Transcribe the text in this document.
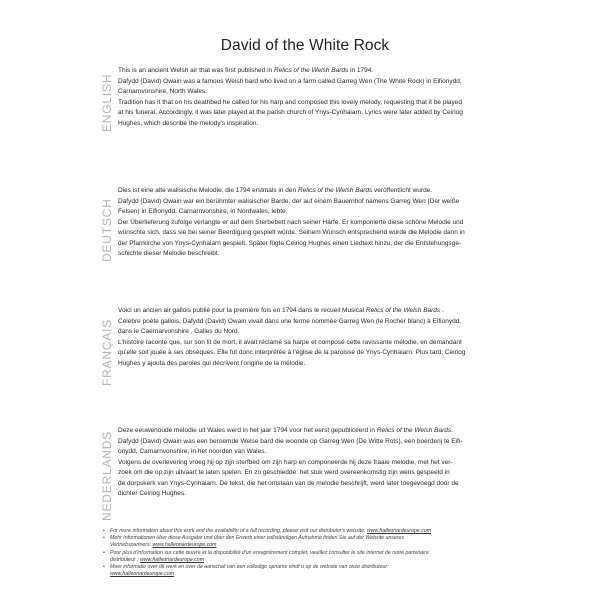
David of the White Rock
ENGLISH

This is an ancient Welsh air that was first published in Relics of the Welsh Bards in 1794.

Dafydd (David) Owain was a famous Welsh bard who lived on a farm called Garreg Wen (The White Rock) in Eifionydd,

Carnarnvonshire, North Wales.

Tradition has it that on his deathbed he called for his harp and composed this lovely melody, requesting that it be played

at his funeral. Accordingly, it was later played at the parish church of Ynys-Cynhaiarn. Lyrics were later added by Ceiriog

Hughes, which describe the melody's inspiration.

DEUTSCH

Dies ist eine alte walisische Melodie, die 1794 erstmals in den Relics of the Welsh Bards veröffentlicht wurde.

Dafydd (David) Owain war ein berühmter walisischer Barde, der auf einem Bauernhof namens Garreg Wen (Der weiße

Felsen) in Eifionydd, Carnarnvonshire, in Nordwales, lebte.

Der Überlieferung zufolge verlangte er auf dem Sterbebett nach seiner Harfe. Er komponierte diese schöne Melodie und

wünschte sich, dass sie bei seiner Beerdigung gespielt würde. Seinem Wunsch entsprechend wurde die Melodie dann in

der Pfarrkirche von Ynys-Cynhaiarn gespielt. Später fügte Ceiriog Hughes einen Liedtext hinzu, der die Entstehungsge-

schichte dieser Melodie beschreibt.

FRANÇAIS

Voici un ancien air gallois publié pour la première fois en 1794 dans le recueil Musical Relics of the Welsh Bards .

Célèbre poète gallois, Dafydd (David) Owain vivait dans une ferme nommée Garreg Wen (le Rocher blanc) à Eifionydd,

dans le Caernarvonshire , Galles du Nord.

L'histoire raconte que, sur son lit de mort, il avait réclamé sa harpe et composé cette ravissante mélodie, en demandant

qu'elle soit jouée à ses obsèques. Elle fut donc interprétée à l'église de la paroisse de Ynys-Cynhaiarn. Plus tard, Ceiriog

Hughes y ajouta des paroles qui décrivent l'origine de la mélodie.

NEDERLANDS

Deze eeuwenoude melodie uit Wales werd in het jaar 1794 voor het eerst gepubliceerd in Relics of the Welsh Bards.

Dafydd (David) Owain was een beroemde Welse bard die woonde op Garreg Wen (De Witte Rots), een boerderij te Eifi-

onydd, Carnarnvonshire, in het noorden van Wales.

Volgens de overlevering vroeg hij op zijn sterfbed om zijn harp en componeerde hij deze fraaie melodie, met het ver-

zoek om die op zijn uitvaart te laten spelen. En zo geschiedde: het stuk werd overeenkomstig zijn wens gespeeld in

de dorpskerk van Ynys-Cynhaiarn. De tekst, die het ontstaan van de melodie beschrijft, werd later toegevoegd door de

dichter Ceiriog Hughes.

• For more information about this work and the availability of a full recording, please visit our distributor's website: www.halleonardeurope.com
• Mehr Informationen über diese Ausgabe und über den Erwerb einer vollständigen Aufnahme finden Sie auf der Website unseres
Vertriebspartners: www.halleonardeurope.com
• Pour plus d'information sur cette œuvre et la disponibilité d'un enregistrement complet, veuillez consulter le site internet de notre partenaire
distributeur : www.halleonardeurope.com
• Meer informatie over dit werk en over de aanschaf van een volledige opname vindt u op de website van onze distributeur:
www.halleonardeurope.com
